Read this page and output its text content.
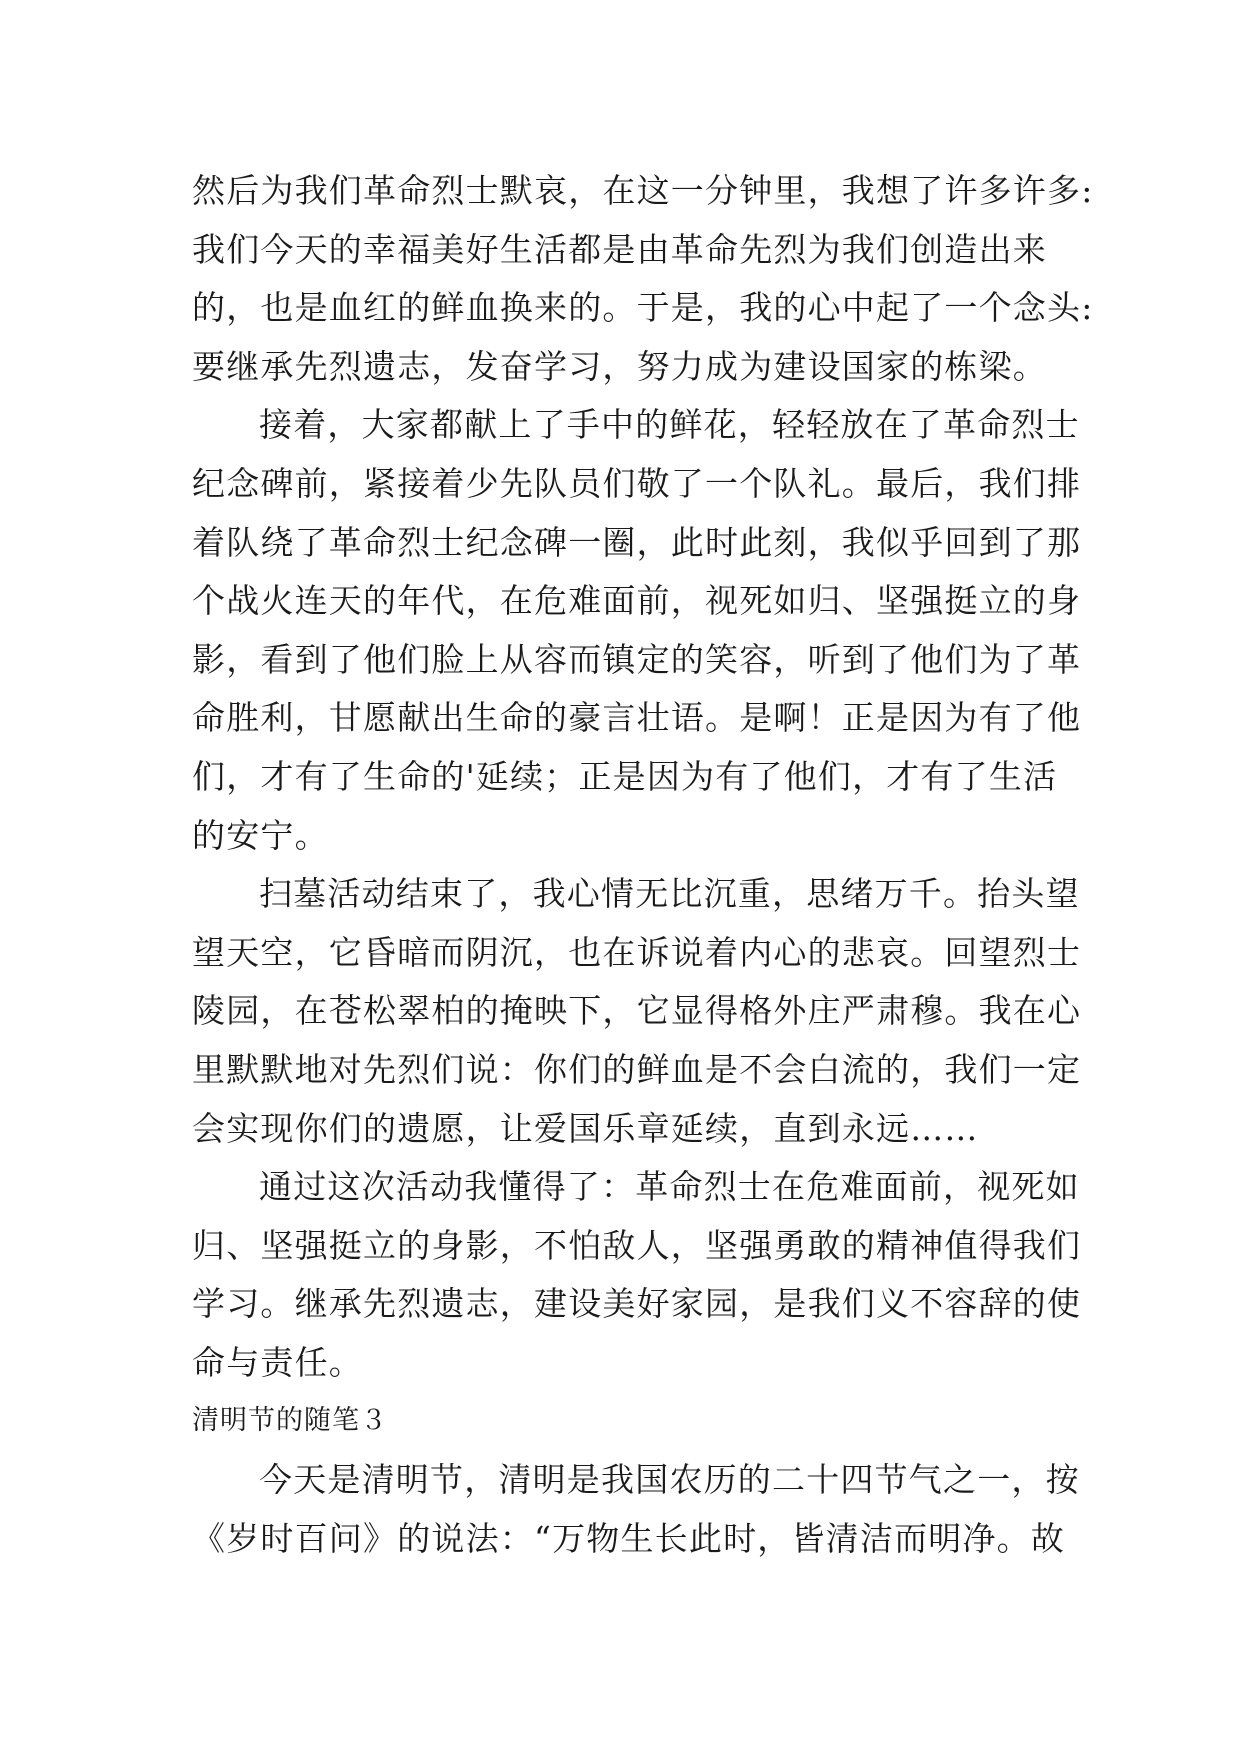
然后为我们革命烈士默哀，在这一分钟里，我想了许多许多:
我们今天的幸福美好生活都是由革命先烈为我们创造出来
的，也是血红的鲜血换来的。于是，我的心中起了一个念头:
要继承先烈遗志，发奋学习，努力成为建设国家的栋梁。
接着，大家都献上了手中的鲜花，轻轻放在了革命烈士
纪念碑前，紧接着少先队员们敬了一个队礼。最后，我们排
着队绕了革命烈士纪念碑一圈，此时此刻，我似乎回到了那
个战火连天的年代，在危难面前，视死如归、坚强挺立的身
影，看到了他们脸上从容而镇定的笑容，听到了他们为了革
命胜利，甘愿献出生命的豪言壮语。是啊！正是因为有了他
们，才有了生命的'延续；正是因为有了他们，才有了生活
的安宁。
扫墓活动结束了，我心情无比沉重，思绪万千。抬头望
望天空，它昏暗而阴沉，也在诉说着内心的悲哀。回望烈士
陵园，在苍松翠柏的掩映下，它显得格外庄严肃穆。我在心
里默默地对先烈们说：你们的鲜血是不会白流的，我们一定
会实现你们的遗愿，让爱国乐章延续，直到永远……
通过这次活动我懂得了：革命烈士在危难面前，视死如
归、坚强挺立的身影，不怕敌人，坚强勇敢的精神值得我们
学习。继承先烈遗志，建设美好家园，是我们义不容辞的使
命与责任。
清明节的随笔３
今天是清明节，清明是我国农历的二十四节气之一，按
《岁时百问》的说法：“万物生长此时，皆清洁而明净。故
